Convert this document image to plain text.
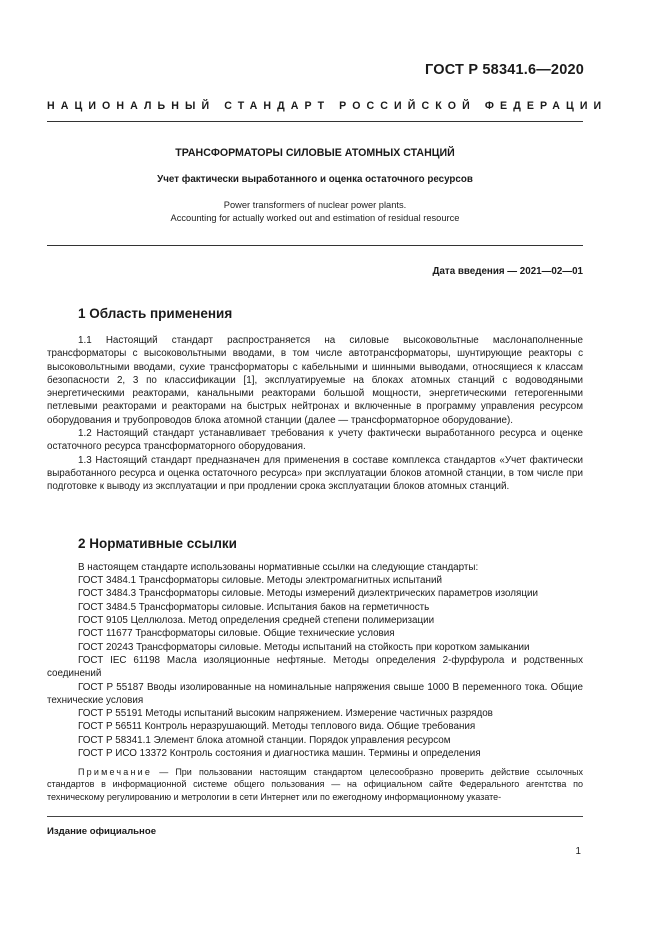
ГОСТ Р 58341.6—2020
НАЦИОНАЛЬНЫЙ СТАНДАРТ РОССИЙСКОЙ ФЕДЕРАЦИИ
ТРАНСФОРМАТОРЫ СИЛОВЫЕ АТОМНЫХ СТАНЦИЙ
Учет фактически выработанного и оценка остаточного ресурсов
Power transformers of nuclear power plants.
Accounting for actually worked out and estimation of residual resource
Дата введения — 2021—02—01
1 Область применения

1.1 Настоящий стандарт распространяется на силовые высоковольтные маслонаполненные трансформаторы с высоковольтными вводами, в том числе автотрансформаторы, шунтирующие реакторы с высоковольтными вводами, сухие трансформаторы с кабельными и шинными выводами, относящиеся к классам безопасности 2, 3 по классификации [1], эксплуатируемые на блоках атомных станций с водоводяными энергетическими реакторами, канальными реакторами большой мощности, энергетическими гетерогенными петлевыми реакторами и реакторами на быстрых нейтронах и включенные в программу управления ресурсом оборудования и трубопроводов блока атомной станции (далее — трансформаторное оборудование).

1.2 Настоящий стандарт устанавливает требования к учету фактически выработанного ресурса и оценке остаточного ресурса трансформаторного оборудования.

1.3 Настоящий стандарт предназначен для применения в составе комплекса стандартов «Учет фактически выработанного ресурса и оценка остаточного ресурса» при эксплуатации блоков атомной станции, в том числе при подготовке к выводу из эксплуатации и при продлении срока эксплуатации блоков атомных станций.

2 Нормативные ссылки
В настоящем стандарте использованы нормативные ссылки на следующие стандарты:
ГОСТ 3484.1 Трансформаторы силовые. Методы электромагнитных испытаний
ГОСТ 3484.3 Трансформаторы силовые. Методы измерений диэлектрических параметров изоляции
ГОСТ 3484.5 Трансформаторы силовые. Испытания баков на герметичность
ГОСТ 9105 Целлюлоза. Метод определения средней степени полимеризации
ГОСТ 11677 Трансформаторы силовые. Общие технические условия
ГОСТ 20243 Трансформаторы силовые. Методы испытаний на стойкость при коротком замыкании

ГОСТ IEC 61198 Масла изоляционные нефтяные. Методы определения 2-фурфурола и родственных соединений

ГОСТ Р 55187 Вводы изолированные на номинальные напряжения свыше 1000 В переменного тока. Общие технические условия

ГОСТ Р 55191 Методы испытаний высоким напряжением. Измерение частичных разрядов
ГОСТ Р 56511 Контроль неразрушающий. Методы теплового вида. Общие требования
ГОСТ Р 58341.1 Элемент блока атомной станции. Порядок управления ресурсом
ГОСТ Р ИСО 13372 Контроль состояния и диагностика машин. Термины и определения
Примечание — При пользовании настоящим стандартом целесообразно проверить действие ссылочных стандартов в информационной системе общего пользования — на официальном сайте Федерального агентства по техническому регулированию и метрологии в сети Интернет или по ежегодному информационному указате-
Издание официальное
1
